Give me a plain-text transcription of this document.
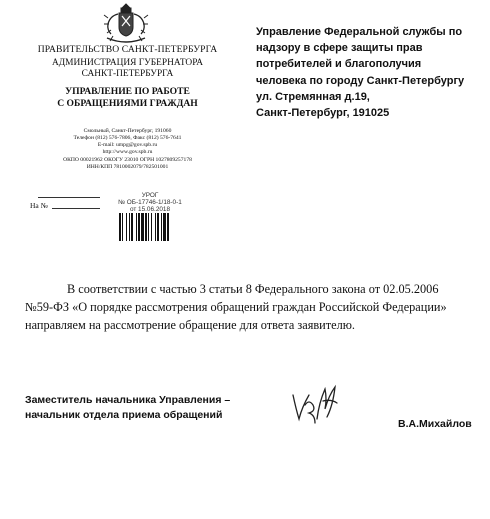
ПРАВИТЕЛЬСТВО САНКТ-ПЕТЕРБУРГА
АДМИНИСТРАЦИЯ ГУБЕРНАТОРА
САНКТ-ПЕТЕРБУРГА
УПРАВЛЕНИЕ ПО РАБОТЕ
С ОБРАЩЕНИЯМИ ГРАЖДАН
Смольный, Санкт-Петербург, 191060
Телефон (812) 576-7806, Факс (812) 576-7641
E-mail: umpg@gov.spb.ru
http://www.gov.spb.ru
ОКПО 00021962 ОКОГУ 23010 ОГРН 1027809257178
ИНН/КПП 7810002079/782501001
На №
УРОГ
№ ОБ-17746-1/18-0-1
от 15.06.2018
Управление Федеральной службы по
надзору в сфере защиты прав
потребителей и благополучия
человека по городу Санкт-Петербургу
ул. Стремянная д.19,
Санкт-Петербург, 191025
В соответствии с частью 3 статьи 8 Федерального закона от 02.05.2006
№59-ФЗ «О порядке рассмотрения обращений граждан Российской Федерации»
направляем на рассмотрение обращение для ответа заявителю.
Заместитель начальника Управления –
начальник отдела приема обращений
В.А.Михайлов
